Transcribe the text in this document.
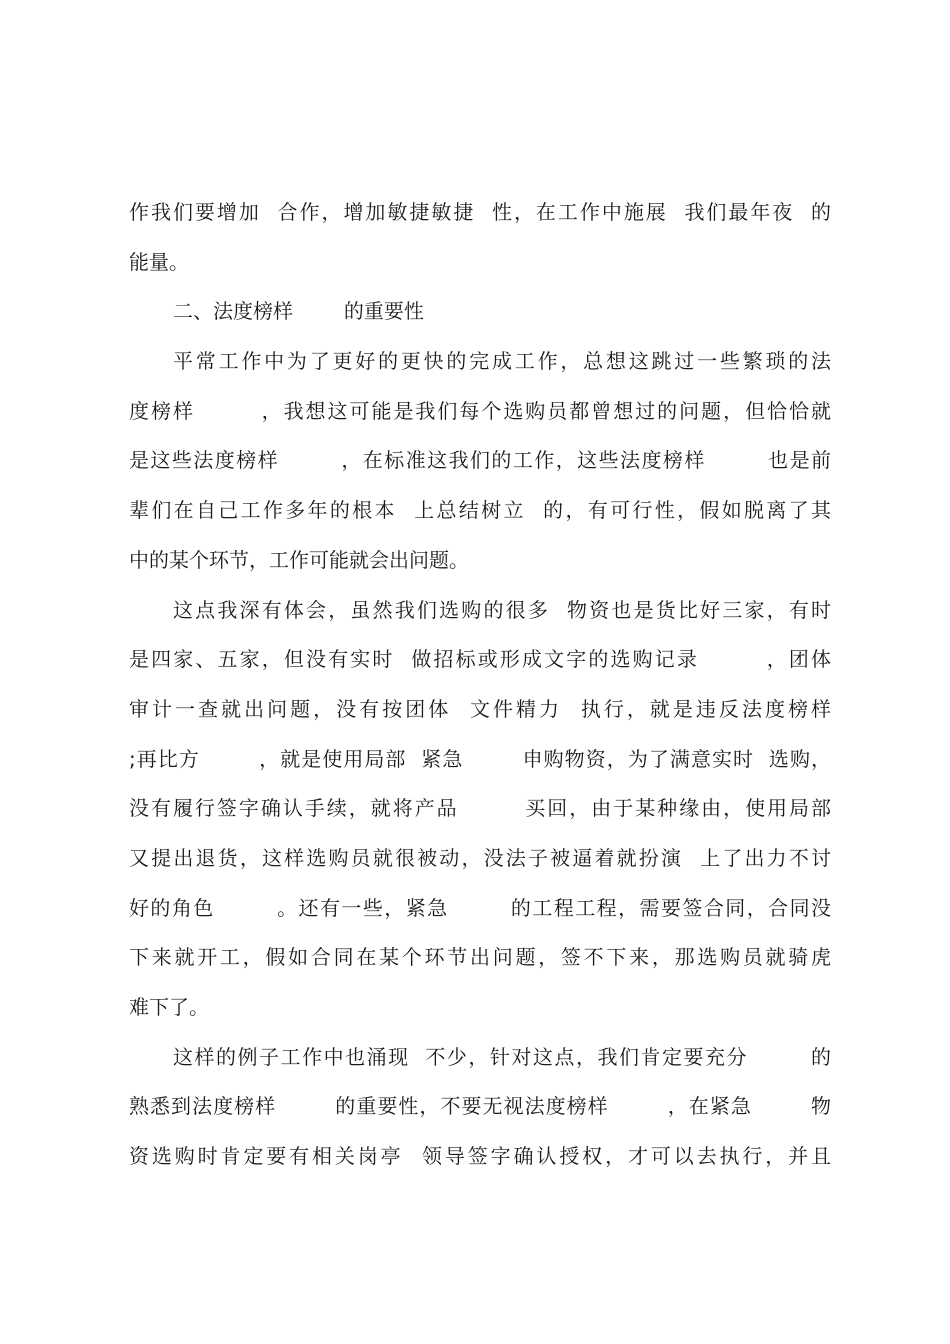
作我们要增加  合作，增加敏捷敏捷  性，在工作中施展  我们最年夜  的
能量。
二、法度榜样        的重要性
平常工作中为了更好的更快的完成工作，总想这跳过一些繁琐的法
度榜样        ，我想这可能是我们每个选购员都曾想过的问题，但恰恰就
是这些法度榜样        ，在标准这我们的工作，这些法度榜样        也是前
辈们在自己工作多年的根本  上总结树立  的，有可行性，假如脱离了其
中的某个环节，工作可能就会出问题。
这点我深有体会，虽然我们选购的很多  物资也是货比好三家，有时
是四家、五家，但没有实时  做招标或形成文字的选购记录        ，团体
审计一查就出问题，没有按团体  文件精力  执行，就是违反法度榜样
;再比方        ，就是使用局部  紧急        申购物资，为了满意实时  选购，
没有履行签字确认手续，就将产品        买回，由于某种缘由，使用局部
又提出退货，这样选购员就很被动，没法子被逼着就扮演  上了出力不讨
好的角色        。还有一些，紧急        的工程工程，需要签合同，合同没
下来就开工，假如合同在某个环节出问题，签不下来，那选购员就骑虎
难下了。
这样的例子工作中也涌现  不少，针对这点，我们肯定要充分        的
熟悉到法度榜样        的重要性，不要无视法度榜样        ，在紧急        物
资选购时肯定要有相关岗亭  领导签字确认授权，才可以去执行，并且
